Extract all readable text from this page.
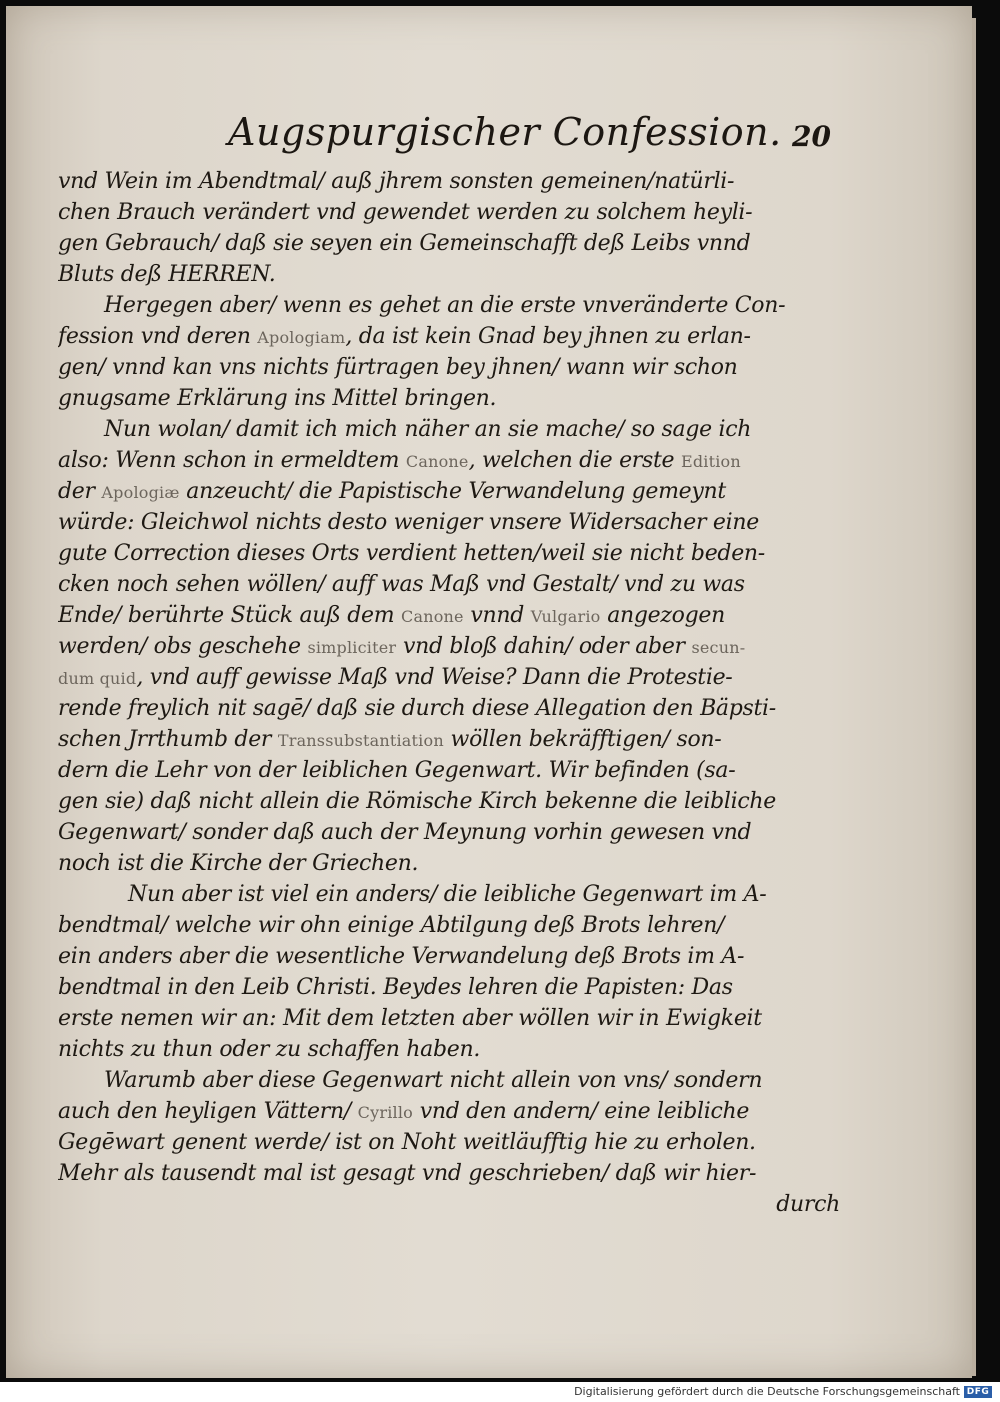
Augspurgischer Confession. 20
vnd Wein im Abendtmal/ auß jhrem sonsten gemeinen/natürli-
chen Brauch verändert vnd gewendet werden zu solchem heyli-
gen Gebrauch/ daß sie seyen ein Gemeinschafft deß Leibs vnnd
Bluts deß HERREN.
Hergegen aber/ wenn es gehet an die erste vnveränderte Con-
fession vnd deren Apologiam, da ist kein Gnad bey jhnen zu erlan-
gen/ vnnd kan vns nichts fürtragen bey jhnen/ wann wir schon
gnugsame Erklärung ins Mittel bringen.
Nun wolan/ damit ich mich näher an sie mache/ so sage ich
also: Wenn schon in ermeldtem Canone, welchen die erste Edition
der Apologiæ anzeucht/ die Papistische Verwandelung gemeynt
würde: Gleichwol nichts desto weniger vnsere Widersacher eine
gute Correction dieses Orts verdient hetten/weil sie nicht beden-
cken noch sehen wöllen/ auff was Maß vnd Gestalt/ vnd zu was
Ende/ berührte Stück auß dem Canone vnnd Vulgario angezogen
werden/ obs geschehe simpliciter vnd bloß dahin/ oder aber secun-
dum quid, vnd auff gewisse Maß vnd Weise? Dann die Protestie-
rende freylich nit sagē/ daß sie durch diese Allegation den Bäpsti-
schen Jrrthumb der Transsubstantiation wöllen bekräfftigen/ son-
dern die Lehr von der leiblichen Gegenwart. Wir befinden (sa-
gen sie) daß nicht allein die Römische Kirch bekenne die leibliche
Gegenwart/ sonder daß auch der Meynung vorhin gewesen vnd
noch ist die Kirche der Griechen.
Nun aber ist viel ein anders/ die leibliche Gegenwart im A-
bendtmal/ welche wir ohn einige Abtilgung deß Brots lehren/
ein anders aber die wesentliche Verwandelung deß Brots im A-
bendtmal in den Leib Christi. Beydes lehren die Papisten: Das
erste nemen wir an: Mit dem letzten aber wöllen wir in Ewigkeit
nichts zu thun oder zu schaffen haben.
Warumb aber diese Gegenwart nicht allein von vns/ sondern
auch den heyligen Vättern/ Cyrillo vnd den andern/ eine leibliche
Gegēwart genent werde/ ist on Noht weitläufftig hie zu erholen.
Mehr als tausendt mal ist gesagt vnd geschrieben/ daß wir hier-
durch
Digitalisierung gefördert durch die Deutsche Forschungsgemeinschaft DFG
